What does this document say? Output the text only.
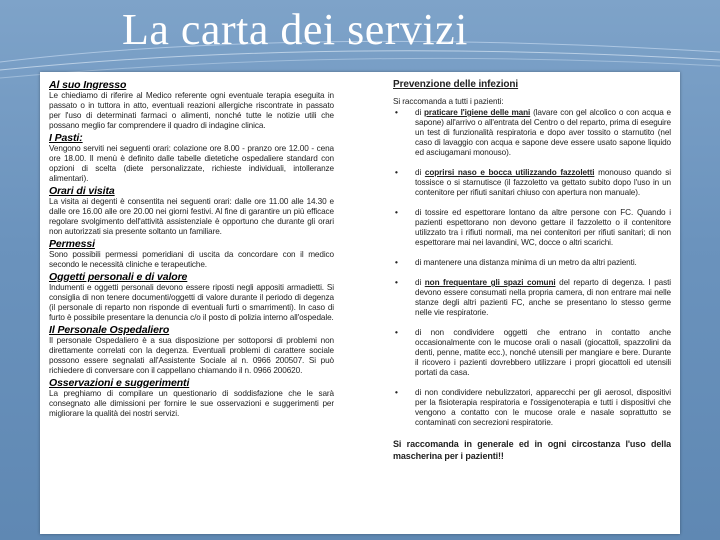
La carta dei servizi
Al suo Ingresso
Le chiediamo di riferire al Medico referente ogni eventuale terapia eseguita in passato o in tuttora in atto, eventuali reazioni allergiche riscontrate in passato per l'uso di determinati farmaci o alimenti, nonché tutte le notizie utili che possano meglio far comprendere il quadro di indagine clinica.
I Pasti:
Vengono serviti nei seguenti orari: colazione ore 8.00 - pranzo ore 12.00 - cena ore 18.00. Il menù è definito dalle tabelle dietetiche ospedaliere standard con opzioni di scelta (diete personalizzate, richieste individuali, intolleranze alimentari).
Orari di visita
La visita ai degenti è consentita nei seguenti orari: dalle ore 11.00 alle 14.30 e dalle ore 16.00 alle ore 20.00 nei giorni festivi. Al fine di garantire un più efficace regolare svolgimento dell'attività assistenziale è opportuno che durante gli orari non autorizzati sia presente soltanto un familiare.
Permessi
Sono possibili permessi pomeridiani di uscita da concordare con il medico secondo le necessità cliniche e terapeutiche.
Oggetti personali e di valore
Indumenti e oggetti personali devono essere riposti negli appositi armadietti. Si consiglia di non tenere documenti/oggetti di valore durante il periodo di degenza (il personale di reparto non risponde di eventuali furti o smarrimenti). In caso di furto è possibile presentare la denuncia c/o il posto di polizia interno all'ospedale.
Il Personale Ospedaliero
Il personale Ospedaliero è a sua disposizione per sottoporsi di problemi non direttamente correlati con la degenza. Eventuali problemi di carattere sociale possono essere segnalati all'Assistente Sociale al n. 0966 200507. Si può richiedere di conversare con il cappellano chiamando il n. 0966 200620.
Osservazioni e suggerimenti
La preghiamo di compilare un questionario di soddisfazione che le sarà consegnato alle dimissioni per fornire le sue osservazioni e suggerimenti per migliorare la qualità dei nostri servizi.
Prevenzione delle infezioni
Si raccomanda a tutti i pazienti:
• di praticare l'igiene delle mani (lavare con gel alcolico o con acqua e sapone) all'arrivo o all'entrata del Centro o del reparto, prima di eseguire un test di funzionalità respiratoria e dopo aver tossito o starnutito (nel caso di lavaggio con acqua e sapone deve essere usato sapone liquido ed asciugamani monouso).
• di coprirsi naso e bocca utilizzando fazzoletti monouso quando si tossisce o si starnutisce (il fazzoletto va gettato subito dopo l'uso in un contenitore per rifiuti sanitari chiuso con apertura non manuale).
• di tossire ed espettorare lontano da altre persone con FC. Quando i pazienti espettorano non devono gettare il fazzoletto o il contenitore utilizzato tra i rifiuti normali, ma nei contenitori per rifiuti sanitari; di non espettorare mai nei lavandini, WC, docce o altri scarichi.
• di mantenere una distanza minima di un metro da altri pazienti.
• di non frequentare gli spazi comuni del reparto di degenza. I pasti devono essere consumati nella propria camera, di non entrare mai nelle stanze degli altri pazienti FC, anche se presentano lo stesso germe nelle vie respiratorie.
• di non condividere oggetti che entrano in contatto anche occasionalmente con le mucose orali o nasali (giocattoli, spazzolini da denti, penne, matite ecc.), nonché utensili per mangiare e bere. Durante il ricovero i pazienti dovrebbero utilizzare i propri giocattoli ed utensili portati da casa.
• di non condividere nebulizzatori, apparecchi per gli aerosol, dispositivi per la fisioterapia respiratoria e l'ossigenoterapia e tutti i dispositivi che vengono a contatto con le mucose orale e nasale soprattutto se contaminati con secrezioni respiratorie.
Si raccomanda in generale ed in ogni circostanza l'uso della mascherina per i pazienti!!
